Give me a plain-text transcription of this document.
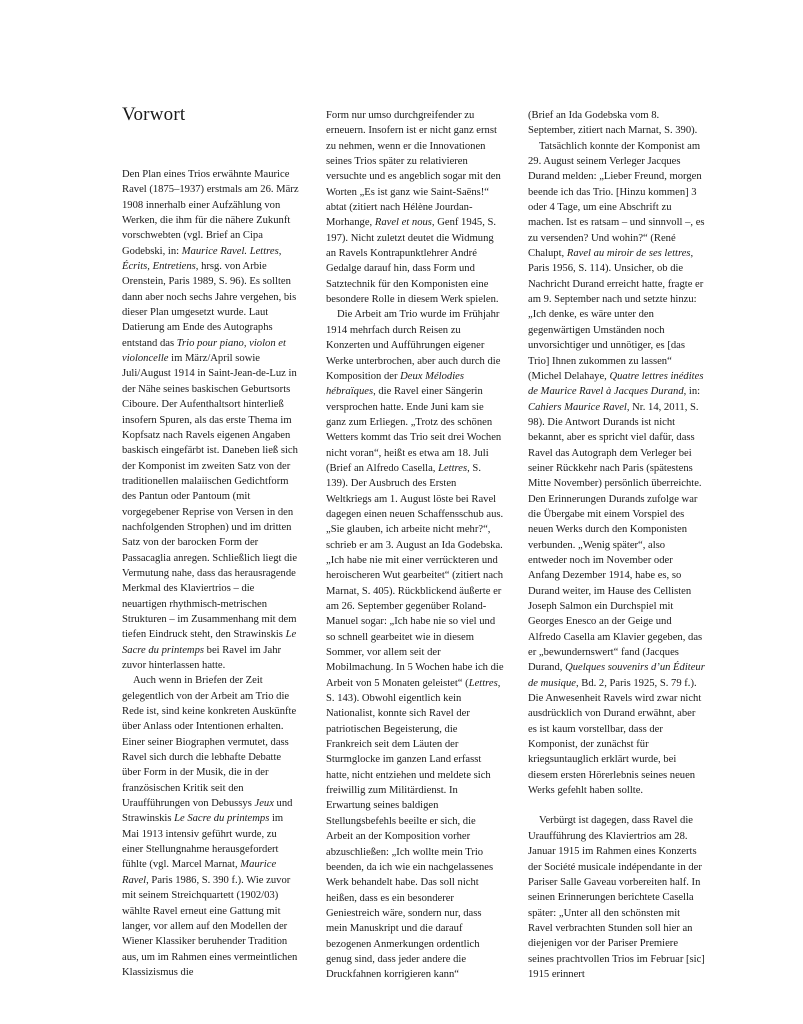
Vorwort

Den Plan eines Trios erwähnte Maurice Ravel (1875–1937) erstmals am 26. März 1908 innerhalb einer Aufzählung von Werken, die ihm für die nähere Zukunft vorschwebten (vgl. Brief an Cipa Godebski, in: Maurice Ravel. Lettres, Écrits, Entretiens, hrsg. von Arbie Orenstein, Paris 1989, S. 96). Es sollten dann aber noch sechs Jahre vergehen, bis dieser Plan umgesetzt wurde. Laut Datierung am Ende des Autographs entstand das Trio pour piano, violon et violoncelle im März/April sowie Juli/August 1914 in Saint-Jean-de-Luz in der Nähe seines baskischen Geburtsorts Ciboure. Der Aufenthaltsort hinterließ insofern Spuren, als das erste Thema im Kopfsatz nach Ravels eigenen Angaben baskisch eingefärbt ist. Daneben ließ sich der Komponist im zweiten Satz von der traditionellen malaiischen Gedichtform des Pantun oder Pantoum (mit vorgegebener Reprise von Versen in den nachfolgenden Strophen) und im dritten Satz von der barocken Form der Passacaglia anregen. Schließlich liegt die Vermutung nahe, dass das herausragende Merkmal des Klaviertrios – die neuartigen rhythmisch-metrischen Strukturen – im Zusammenhang mit dem tiefen Eindruck steht, den Strawinskis Le Sacre du printemps bei Ravel im Jahr zuvor hinterlassen hatte.

Auch wenn in Briefen der Zeit gelegentlich von der Arbeit am Trio die Rede ist, sind keine konkreten Auskünfte über Anlass oder Intentionen erhalten. Einer seiner Biographen vermutet, dass Ravel sich durch die lebhafte Debatte über Form in der Musik, die in der französischen Kritik seit den Uraufführungen von Debussys Jeux und Strawinskis Le Sacre du printemps im Mai 1913 intensiv geführt wurde, zu einer Stellungnahme herausgefordert fühlte (vgl. Marcel Marnat, Maurice Ravel, Paris 1986, S. 390 f.). Wie zuvor mit seinem Streichquartett (1902/03) wählte Ravel erneut eine Gattung mit langer, vor allem auf den Modellen der Wiener Klassiker beruhender Tradition aus, um im Rahmen eines vermeintlichen Klassizismus die

Form nur umso durchgreifender zu erneuern. Insofern ist er nicht ganz ernst zu nehmen, wenn er die Innovationen seines Trios später zu relativieren versuchte und es angeblich sogar mit den Worten „Es ist ganz wie Saint-Saëns!“ abtat (zitiert nach Hélène Jourdan-Morhange, Ravel et nous, Genf 1945, S. 197). Nicht zuletzt deutet die Widmung an Ravels Kontrapunktlehrer André Gedalge darauf hin, dass Form und Satztechnik für den Komponisten eine besondere Rolle in diesem Werk spielen.

Die Arbeit am Trio wurde im Frühjahr 1914 mehrfach durch Reisen zu Konzerten und Aufführungen eigener Werke unterbrochen, aber auch durch die Komposition der Deux Mélodies hébraïques, die Ravel einer Sängerin versprochen hatte. Ende Juni kam sie ganz zum Erliegen. „Trotz des schönen Wetters kommt das Trio seit drei Wochen nicht voran“, heißt es etwa am 18. Juli (Brief an Alfredo Casella, Lettres, S. 139). Der Ausbruch des Ersten Weltkriegs am 1. August löste bei Ravel dagegen einen neuen Schaffensschub aus. „Sie glauben, ich arbeite nicht mehr?“, schrieb er am 3. August an Ida Godebska. „Ich habe nie mit einer verrückteren und heroischeren Wut gearbeitet“ (zitiert nach Marnat, S. 405). Rückblickend äußerte er am 26. September gegenüber Roland-Manuel sogar: „Ich habe nie so viel und so schnell gearbeitet wie in diesem Sommer, vor allem seit der Mobilmachung. In 5 Wochen habe ich die Arbeit von 5 Monaten geleistet“ (Lettres, S. 143). Obwohl eigentlich kein Nationalist, konnte sich Ravel der patriotischen Begeisterung, die Frankreich seit dem Läuten der Sturmglocke im ganzen Land erfasst hatte, nicht entziehen und meldete sich freiwillig zum Militärdienst. In Erwartung seines baldigen Stellungsbefehls beeilte er sich, die Arbeit an der Komposition vorher abzuschließen: „Ich wollte mein Trio beenden, da ich wie ein nachgelassenes Werk behandelt habe. Das soll nicht heißen, dass es ein besonderer Geniestreich wäre, sondern nur, dass mein Manuskript und die darauf bezogenen Anmerkungen ordentlich genug sind, dass jeder andere die Druckfahnen korrigieren kann“

(Brief an Ida Godebska vom 8. September, zitiert nach Marnat, S. 390).

Tatsächlich konnte der Komponist am 29. August seinem Verleger Jacques Durand melden: „Lieber Freund, morgen beende ich das Trio. [Hinzu kommen] 3 oder 4 Tage, um eine Abschrift zu machen. Ist es ratsam – und sinnvoll –, es zu versenden? Und wohin?“ (René Chalupt, Ravel au miroir de ses lettres, Paris 1956, S. 114). Unsicher, ob die Nachricht Durand erreicht hatte, fragte er am 9. September nach und setzte hinzu: „Ich denke, es wäre unter den gegenwärtigen Umständen noch unvorsichtiger und unnötiger, es [das Trio] Ihnen zukommen zu lassen“ (Michel Delahaye, Quatre lettres inédites de Maurice Ravel à Jacques Durand, in: Cahiers Maurice Ravel, Nr. 14, 2011, S. 98). Die Antwort Durands ist nicht bekannt, aber es spricht viel dafür, dass Ravel das Autograph dem Verleger bei seiner Rückkehr nach Paris (spätestens Mitte November) persönlich überreichte. Den Erinnerungen Durands zufolge war die Übergabe mit einem Vorspiel des neuen Werks durch den Komponisten verbunden. „Wenig später“, also entweder noch im November oder Anfang Dezember 1914, habe es, so Durand weiter, im Hause des Cellisten Joseph Salmon ein Durchspiel mit Georges Enesco an der Geige und Alfredo Casella am Klavier gegeben, das er „bewundernswert“ fand (Jacques Durand, Quelques souvenirs d’un Éditeur de musique, Bd. 2, Paris 1925, S. 79 f.). Die Anwesenheit Ravels wird zwar nicht ausdrücklich von Durand erwähnt, aber es ist kaum vorstellbar, dass der Komponist, der zunächst für kriegsuntauglich erklärt wurde, bei diesem ersten Hörerlebnis seines neuen Werks gefehlt haben sollte.

Verbürgt ist dagegen, dass Ravel die Uraufführung des Klaviertrios am 28. Januar 1915 im Rahmen eines Konzerts der Société musicale indépendante in der Pariser Salle Gaveau vorbereiten half. In seinen Erinnerungen berichtete Casella später: „Unter all den schönsten mit Ravel verbrachten Stunden soll hier an diejenigen vor der Pariser Premiere seines prachtvollen Trios im Februar [sic] 1915 erinnert
